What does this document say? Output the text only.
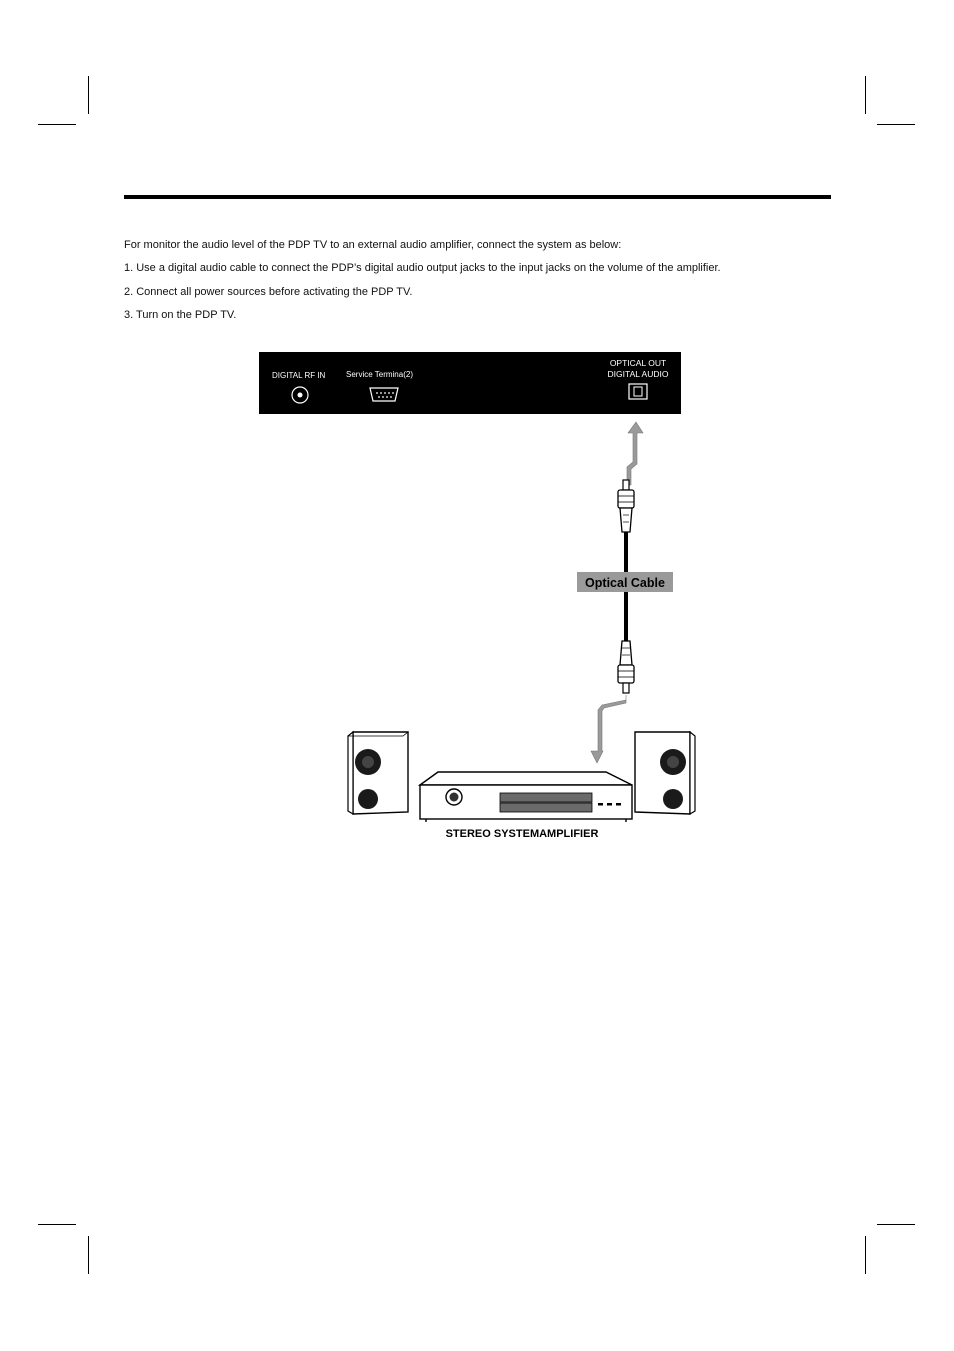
For monitor the audio level of the PDP TV to an external audio amplifier, connect the system as below:

1. Use a digital audio cable to connect the PDP’s digital audio output jacks to the input jacks on the volume of the amplifier.

2. Connect all power sources before activating the PDP TV.

3. Turn on the PDP TV.

DIGITAL RF IN	Service Termina(2)
OPTICAL OUT
DIGITAL AUDIO
Optical Cable
STEREO SYSTEMAMPLIFIER
